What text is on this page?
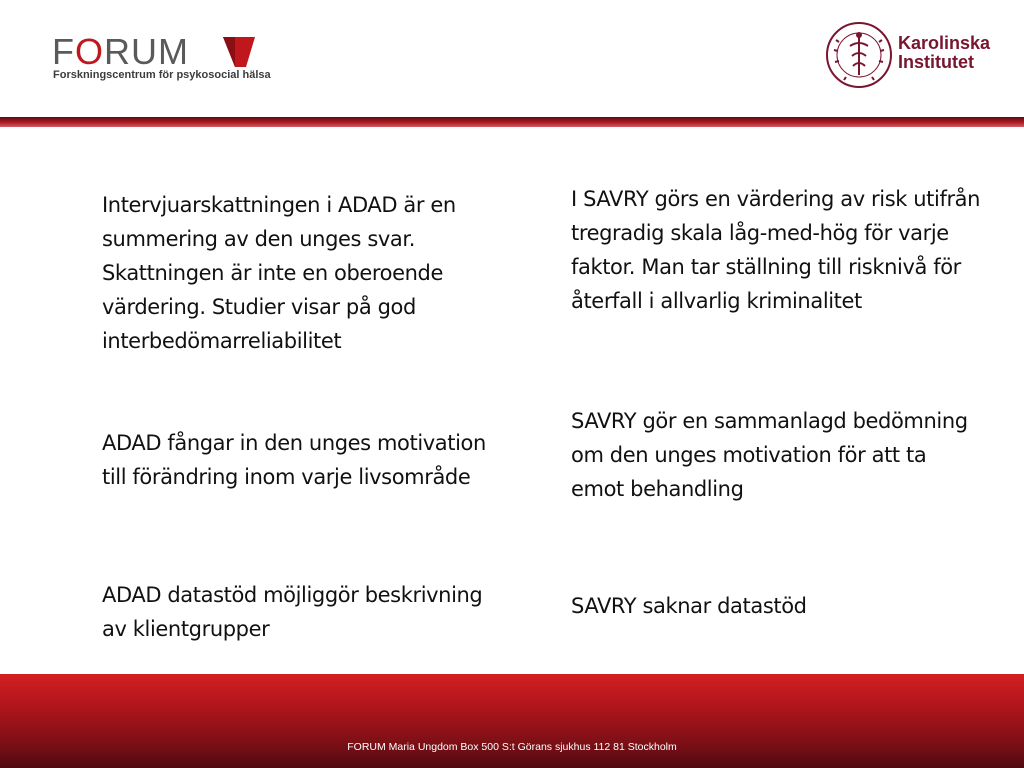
FORUM
Forskningscentrum för psykosocial hälsa
Karolinska
Institutet

Intervjuarskattningen i ADAD är en summering av den unges svar. Skattningen är inte en oberoende värdering. Studier visar på god interbedömarreliabilitet

ADAD fångar in den unges motivation till förändring inom varje livsområde

ADAD datastöd möjliggör beskrivning av klientgrupper

I SAVRY görs en värdering av risk utifrån tregradig skala låg-med-hög för varje faktor. Man tar ställning till risknivå för återfall i allvarlig kriminalitet

SAVRY gör en sammanlagd bedömning om den unges motivation för att ta emot behandling

SAVRY saknar datastöd

FORUM Maria Ungdom Box 500 S:t Görans sjukhus 112 81 Stockholm
